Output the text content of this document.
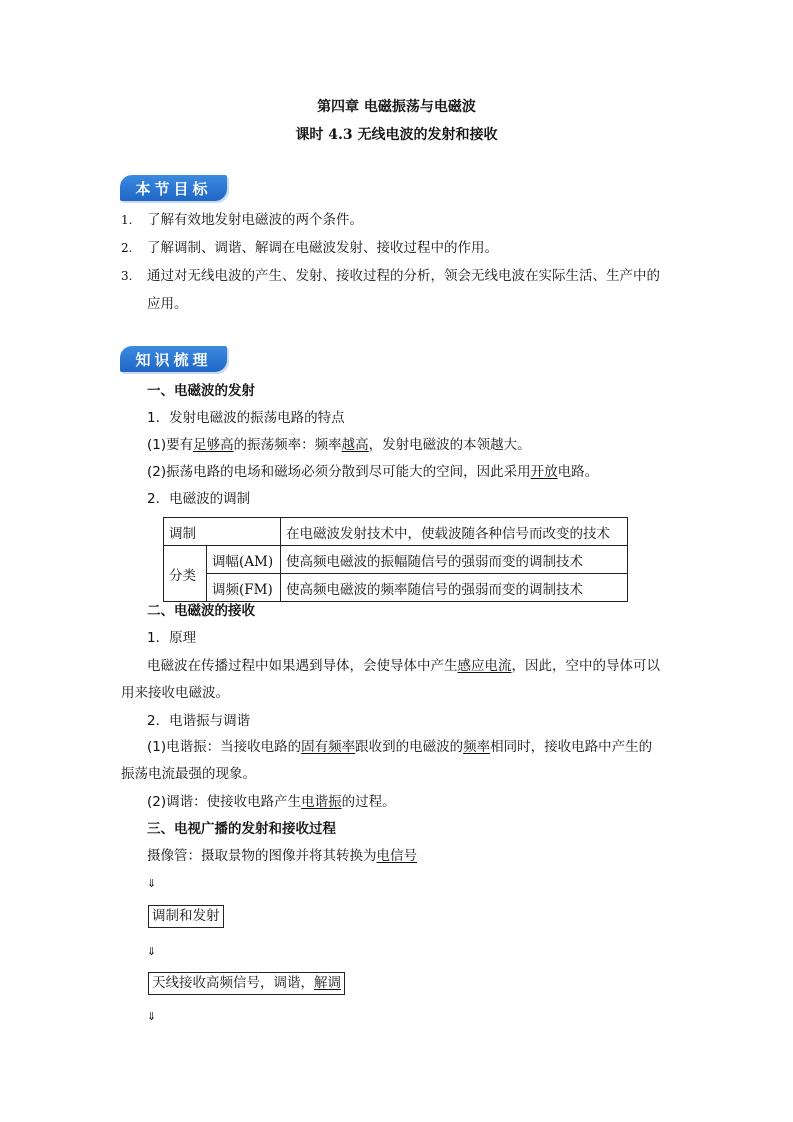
第四章 电磁振荡与电磁波
课时 4.3 无线电波的发射和接收
本节目标
1. 了解有效地发射电磁波的两个条件。
2. 了解调制、调谐、解调在电磁波发射、接收过程中的作用。
3. 通过对无线电波的产生、发射、接收过程的分析，领会无线电波在实际生活、生产中的
应用。
知识梳理
一、电磁波的发射
1．发射电磁波的振荡电路的特点
(1)要有足够高的振荡频率：频率越高，发射电磁波的本领越大。
(2)振荡电路的电场和磁场必须分散到尽可能大的空间，因此采用开放电路。
2．电磁波的调制
调制		在电磁波发射技术中，使载波随各种信号而改变的技术
分类	调幅(AM)	使高频电磁波的振幅随信号的强弱而变的调制技术
	调频(FM)	使高频电磁波的频率随信号的强弱而变的调制技术
二、电磁波的接收
1．原理
电磁波在传播过程中如果遇到导体，会使导体中产生感应电流，因此，空中的导体可以
用来接收电磁波。
2．电谐振与调谐
(1)电谐振：当接收电路的固有频率跟收到的电磁波的频率相同时，接收电路中产生的
振荡电流最强的现象。
(2)调谐：使接收电路产生电谐振的过程。
三、电视广播的发射和接收过程
摄像管：摄取景物的图像并将其转换为电信号
⇓
调制和发射
⇓
天线接收高频信号，调谐，解调
⇓
